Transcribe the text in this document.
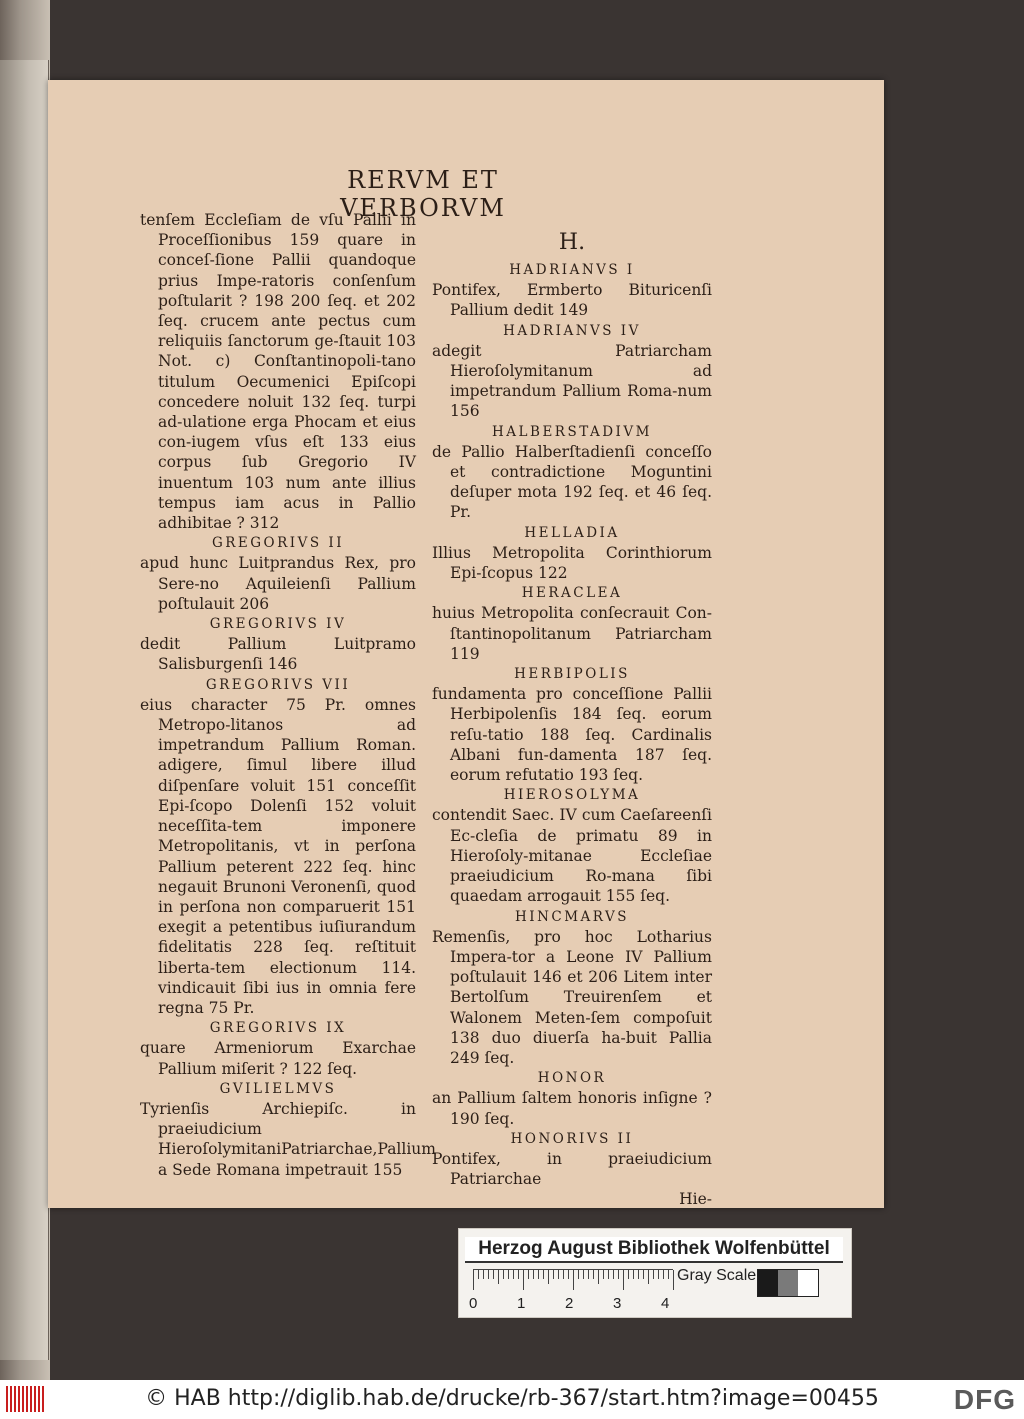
RERVM ET VERBORVM
tenſem Eccleſiam de vſu Pallii in Proceſſionibus 159 quare in conceſ-ſione Pallii quandoque prius Impe-ratoris conſenſum poſtularit ? 198 200 ſeq. et 202 ſeq. crucem ante pectus cum reliquiis ſanctorum ge-ſtauit 103 Not. c) Conſtantinopoli-tano titulum Oecumenici Epiſcopi concedere noluit 132 ſeq. turpi ad-ulatione erga Phocam et eius con-iugem vſus eſt 133 eius corpus ſub Gregorio IV inuentum 103 num ante illius tempus iam acus in Pallio adhibitae ? 312
GREGORIVS II
apud hunc Luitprandus Rex, pro Sere-no Aquileienſi Pallium poſtulauit 206
GREGORIVS IV
dedit Pallium Luitpramo Salisburgenſi 146
GREGORIVS VII
eius character 75 Pr. omnes Metropo-litanos ad impetrandum Pallium Roman. adigere, ſimul libere illud diſpenſare voluit 151 conceſſit Epi-ſcopo Dolenſi 152 voluit neceſſita-tem imponere Metropolitanis, vt in perſona Pallium peterent 222 ſeq. hinc negauit Brunoni Veronenſi, quod in perſona non comparuerit 151 exegit a petentibus iuſiurandum fidelitatis 228 ſeq. reſtituit liberta-tem electionum 114. vindicauit ſibi ius in omnia fere regna 75 Pr.
GREGORIVS IX
quare Armeniorum Exarchae Pallium miſerit ? 122 ſeq.
GVILIELMVS
Tyrienſis Archiepiſc. in praeiudicium HieroſolymitaniPatriarchae,Pallium a Sede Romana impetrauit 155
H.
HADRIANVS I
Pontifex, Ermberto Bituricenſi Pallium dedit 149
HADRIANVS IV
adegit Patriarcham Hieroſolymitanum ad impetrandum Pallium Roma-num 156
HALBERSTADIVM
de Pallio Halberſtadienſi conceſſo et contradictione Moguntini deſuper mota 192 ſeq. et 46 ſeq. Pr.
HELLADIA
Illius Metropolita Corinthiorum Epi-ſcopus 122
HERACLEA
huius Metropolita conſecrauit Con-ſtantinopolitanum Patriarcham 119
HERBIPOLIS
fundamenta pro conceſſione Pallii Herbipolenſis 184 ſeq. eorum reſu-tatio 188 ſeq. Cardinalis Albani fun-damenta 187 ſeq. eorum refutatio 193 ſeq.
HIEROSOLYMA
contendit Saec. IV cum Caeſareenſi Ec-cleſia de primatu 89 in Hieroſoly-mitanae Eccleſiae praeiudicium Ro-mana ſibi quaedam arrogauit 155 ſeq.
HINCMARVS
Remenſis, pro hoc Lotharius Impera-tor a Leone IV Pallium poſtulauit 146 et 206 Litem inter Bertolſum Treuirenſem et Walonem Meten-ſem compoſuit 138 duo diuerſa ha-buit Pallia 249 ſeq.
HONOR
an Pallium ſaltem honoris inſigne ? 190 ſeq.
HONORIVS II
Pontifex, in praeiudicium Patriarchae
Hie-
Herzog August Bibliothek Wolfenbüttel
0	1	2	3	4
Gray Scale
© HAB http://diglib.hab.de/drucke/rb-367/start.htm?image=00455	DFG
